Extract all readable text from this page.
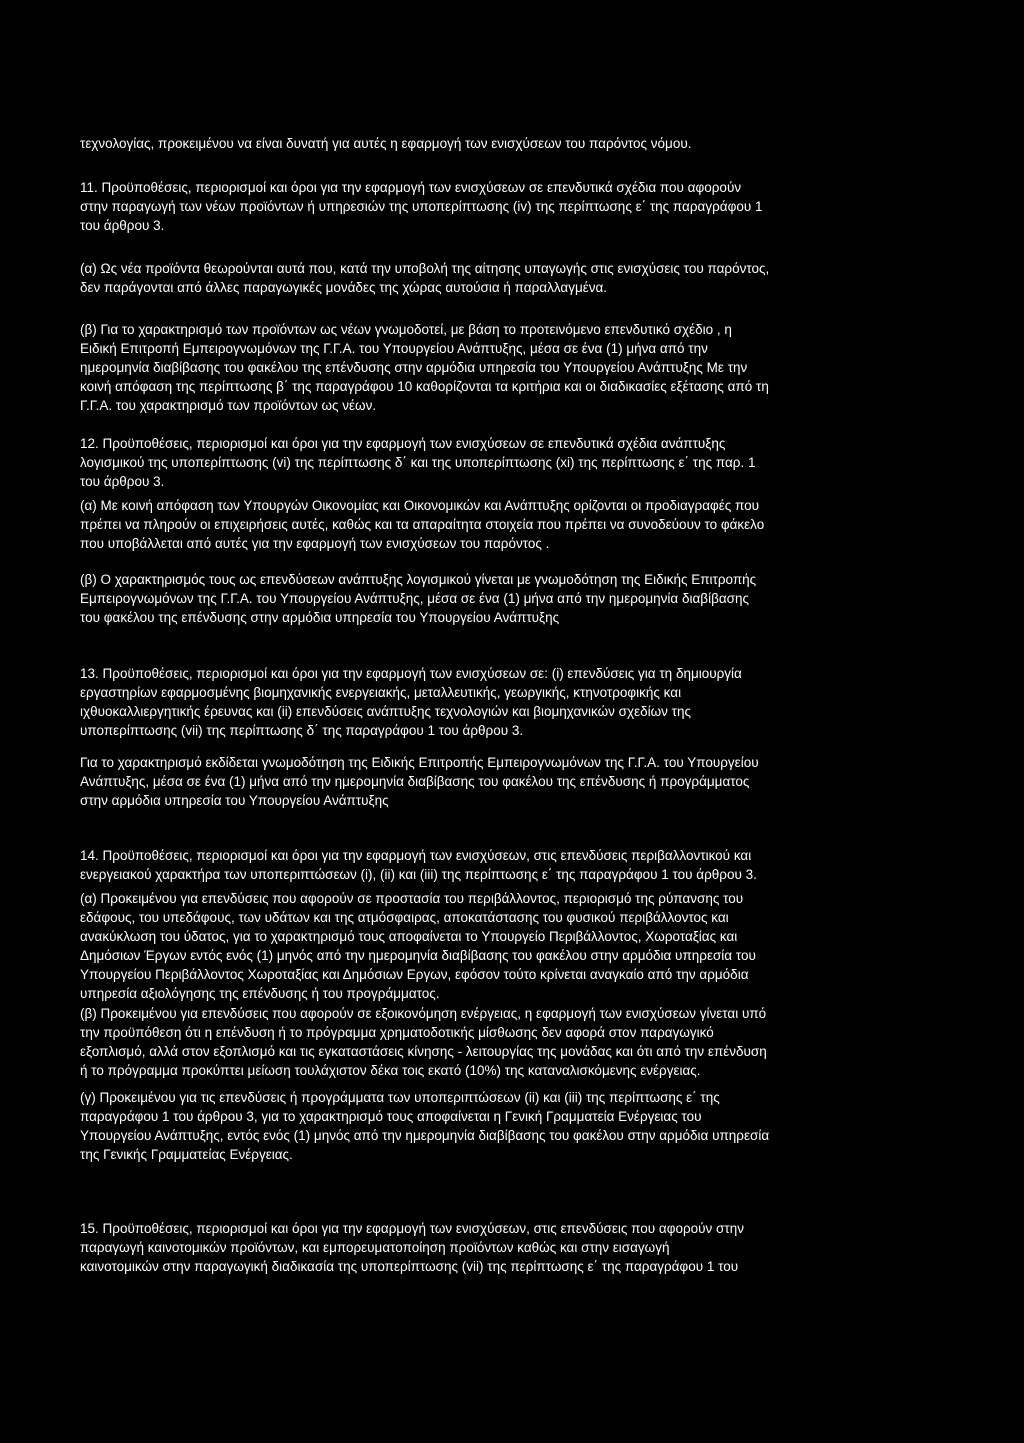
τεχνολογίας, προκειμένου να είναι δυνατή για αυτές η εφαρμογή των ενισχύσεων του παρόντος νόμου.
11. Προϋποθέσεις, περιορισμοί και όροι για την εφαρμογή των ενισχύσεων σε επενδυτικά σχέδια που αφορούν
στην παραγωγή των νέων προϊόντων ή υπηρεσιών της υποπερίπτωσης (iv) της περίπτωσης ε΄ της παραγράφου 1
του άρθρου 3.
(α) Ως νέα προϊόντα θεωρούνται αυτά που, κατά την υποβολή της αίτησης υπαγωγής στις ενισχύσεις του παρόντος,
δεν παράγονται από άλλες παραγωγικές μονάδες της χώρας αυτούσια ή παραλλαγμένα.
(β) Για το χαρακτηρισμό των προϊόντων ως νέων γνωμοδοτεί, με βάση το προτεινόμενο επενδυτικό σχέδιο , η
Ειδική Επιτροπή Εμπειρογνωμόνων της Γ.Γ.Α. του Υπουργείου Ανάπτυξης, μέσα σε ένα (1) μήνα από την
ημερομηνία διαβίβασης του φακέλου της επένδυσης στην αρμόδια υπηρεσία του Υπουργείου Ανάπτυξης Με την
κοινή απόφαση της περίπτωσης β΄ της παραγράφου 10 καθορίζονται τα κριτήρια και οι διαδικασίες εξέτασης από τη
Γ.Γ.Α. του χαρακτηρισμό των προϊόντων ως νέων.
12. Προϋποθέσεις, περιορισμοί και όροι για την εφαρμογή των ενισχύσεων σε επενδυτικά σχέδια ανάπτυξης
λογισμικού της υποπερίπτωσης (vi) της περίπτωσης δ΄ και της υποπερίπτωσης (xi) της περίπτωσης ε΄ της παρ. 1
του άρθρου 3.
(α) Με κοινή απόφαση των Υπουργών Οικονομίας και Οικονομικών και Ανάπτυξης ορίζονται οι προδιαγραφές που
πρέπει να πληρούν οι επιχειρήσεις αυτές, καθώς και τα απαραίτητα στοιχεία που πρέπει να συνοδεύουν το φάκελο
που υποβάλλεται από αυτές για την εφαρμογή των ενισχύσεων του παρόντος .
(β) Ο χαρακτηρισμός τους ως επενδύσεων ανάπτυξης λογισμικού γίνεται με γνωμοδότηση της Ειδικής Επιτροπής
Εμπειρογνωμόνων της Γ.Γ.Α. του Υπουργείου Ανάπτυξης, μέσα σε ένα (1) μήνα από την ημερομηνία διαβίβασης
του φακέλου της επένδυσης στην αρμόδια υπηρεσία του Υπουργείου Ανάπτυξης
13. Προϋποθέσεις, περιορισμοί και όροι για την εφαρμογή των ενισχύσεων σε: (i) επενδύσεις για τη δημιουργία
εργαστηρίων εφαρμοσμένης βιομηχανικής ενεργειακής, μεταλλευτικής, γεωργικής, κτηνοτροφικής και
ιχθυοκαλλιεργητικής έρευνας και (ii) επενδύσεις ανάπτυξης τεχνολογιών και βιομηχανικών σχεδίων της
υποπερίπτωσης (vii) της περίπτωσης δ΄ της παραγράφου 1 του άρθρου 3.
Για το χαρακτηρισμό εκδίδεται γνωμοδότηση της Ειδικής Επιτροπής Εμπειρογνωμόνων της Γ.Γ.Α. του Υπουργείου
Ανάπτυξης, μέσα σε ένα (1) μήνα από την ημερομηνία διαβίβασης του φακέλου της επένδυσης ή προγράμματος
στην αρμόδια υπηρεσία του Υπουργείου Ανάπτυξης
14. Προϋποθέσεις, περιορισμοί και όροι για την εφαρμογή των ενισχύσεων, στις επενδύσεις περιβαλλοντικού και
ενεργειακού χαρακτήρα των υποπεριπτώσεων (i), (ii) και (iii) της περίπτωσης ε΄ της παραγράφου 1 του άρθρου 3.
(α) Προκειμένου για επενδύσεις που αφορούν σε προστασία του περιβάλλοντος, περιορισμό της ρύπανσης του
εδάφους, του υπεδάφους, των υδάτων και της ατμόσφαιρας, αποκατάστασης του φυσικού περιβάλλοντος και
ανακύκλωση του ύδατος, για το χαρακτηρισμό τους αποφαίνεται το Υπουργείο Περιβάλλοντος, Χωροταξίας και
Δημόσιων Έργων εντός ενός (1) μηνός από την ημερομηνία διαβίβασης του φακέλου στην αρμόδια υπηρεσία του
Υπουργείου Περιβάλλοντος Χωροταξίας και Δημόσιων Εργων, εφόσον τούτο κρίνεται αναγκαίο από την αρμόδια
υπηρεσία αξιολόγησης της επένδυσης ή του προγράμματος.
(β) Προκειμένου για επενδύσεις που αφορούν σε εξοικονόμηση ενέργειας, η εφαρμογή των ενισχύσεων γίνεται υπό
την προϋπόθεση ότι η επένδυση ή το πρόγραμμα χρηματοδοτικής μίσθωσης δεν αφορά στον παραγωγικό
εξοπλισμό, αλλά στον εξοπλισμό και τις εγκαταστάσεις κίνησης - λειτουργίας της μονάδας και ότι από την επένδυση
ή το πρόγραμμα προκύπτει μείωση τουλάχιστον δέκα τοις εκατό (10%) της καταναλισκόμενης ενέργειας.
(γ) Προκειμένου για τις επενδύσεις ή προγράμματα των υποπεριπτώσεων (ii) και (iii) της περίπτωσης ε΄ της
παραγράφου 1 του άρθρου 3, για το χαρακτηρισμό τους αποφαίνεται η Γενική Γραμματεία Ενέργειας του
Υπουργείου Ανάπτυξης, εντός ενός (1) μηνός από την ημερομηνία διαβίβασης του φακέλου στην αρμόδια υπηρεσία
της Γενικής Γραμματείας Ενέργειας.
15. Προϋποθέσεις, περιορισμοί και όροι για την εφαρμογή των ενισχύσεων, στις επενδύσεις που αφορούν στην
παραγωγή καινοτομικών προϊόντων, και εμπορευματοποίηση προϊόντων καθώς και στην εισαγωγή
καινοτομικών στην παραγωγική διαδικασία της υποπερίπτωσης (vii) της περίπτωσης ε΄ της παραγράφου 1 του
